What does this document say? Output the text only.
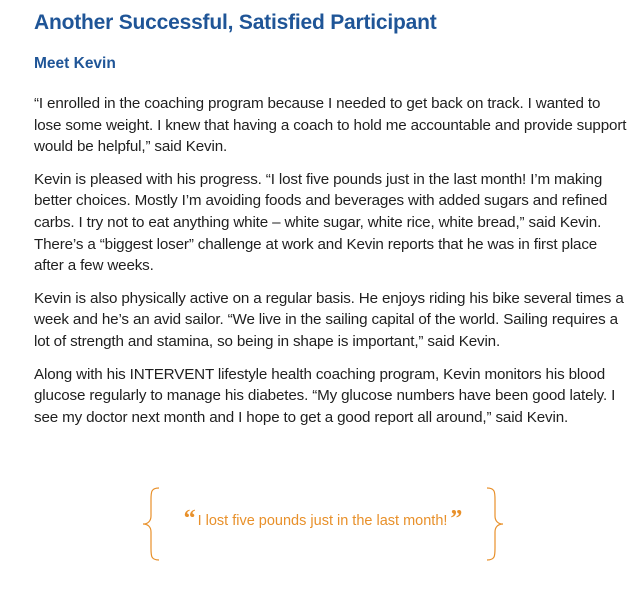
Another Successful, Satisfied Participant
Meet Kevin

“I enrolled in the coaching program because I needed to get back on track. I wanted to lose some weight. I knew that having a coach to hold me accountable and provide support would be helpful,” said Kevin.

Kevin is pleased with his progress. “I lost five pounds just in the last month! I’m making better choices. Mostly I’m avoiding foods and beverages with added sugars and refined carbs. I try not to eat anything white – white sugar, white rice, white bread,” said Kevin. There’s a “biggest loser” challenge at work and Kevin reports that he was in first place after a few weeks.

Kevin is also physically active on a regular basis. He enjoys riding his bike several times a week and he’s an avid sailor. “We live in the sailing capital of the world. Sailing requires a lot of strength and stamina, so being in shape is important,” said Kevin.

Along with his INTERVENT lifestyle health coaching program, Kevin monitors his blood glucose regularly to manage his diabetes. “My glucose numbers have been good lately. I see my doctor next month and I hope to get a good report all around,” said Kevin.

“ I lost five pounds just in the last month! ”
